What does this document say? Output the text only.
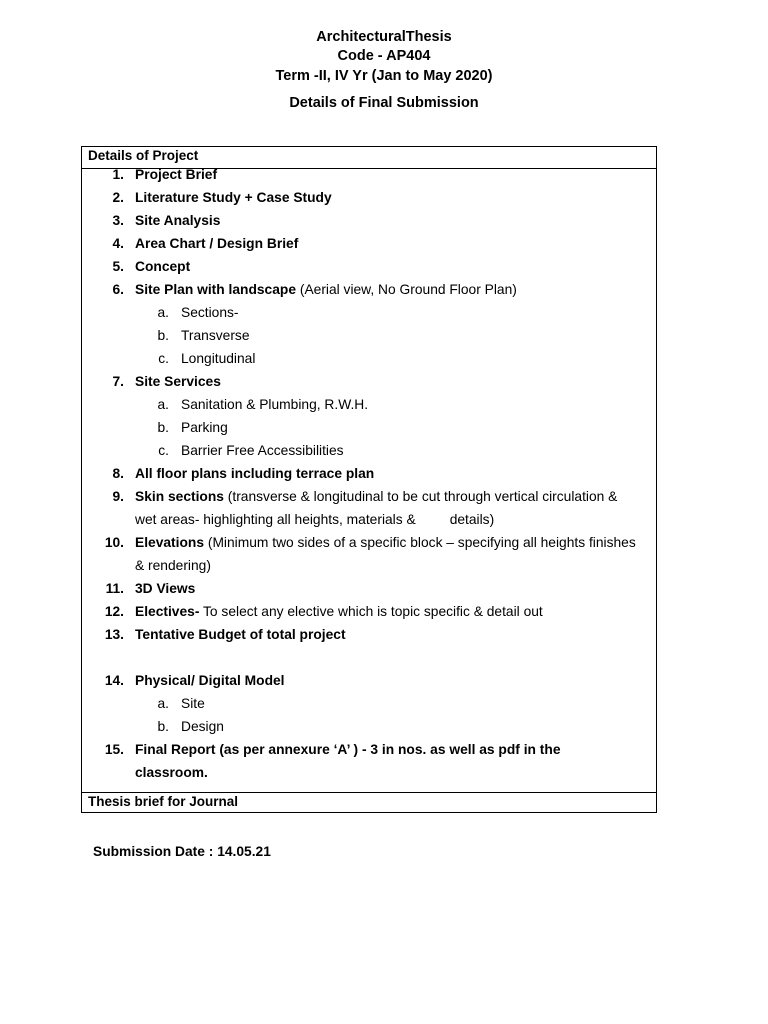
ArchitecturalThesis
Code - AP404
Term -II, IV Yr (Jan to May 2020)
Details of Final Submission
Details of Project
1. Project Brief
2. Literature Study + Case Study
3. Site Analysis
4. Area Chart / Design Brief
5. Concept
6. Site Plan with landscape (Aerial view, No Ground Floor Plan)
a. Sections-
b. Transverse
c. Longitudinal
7. Site Services
a. Sanitation & Plumbing, R.W.H.
b. Parking
c. Barrier Free Accessibilities
8. All floor plans including terrace plan
9. Skin sections (transverse & longitudinal to be cut through vertical circulation &
wet areas- highlighting all heights, materials & details)
10. Elevations (Minimum two sides of a specific block – specifying all heights finishes
& rendering)
11. 3D Views
12. Electives- To select any elective which is topic specific & detail out
13. Tentative Budget of total project
14. Physical/ Digital Model
a. Site
b. Design
15. Final Report (as per annexure ‘A’ ) - 3 in nos. as well as pdf in the
classroom.
Thesis brief for Journal
Submission Date : 14.05.21
